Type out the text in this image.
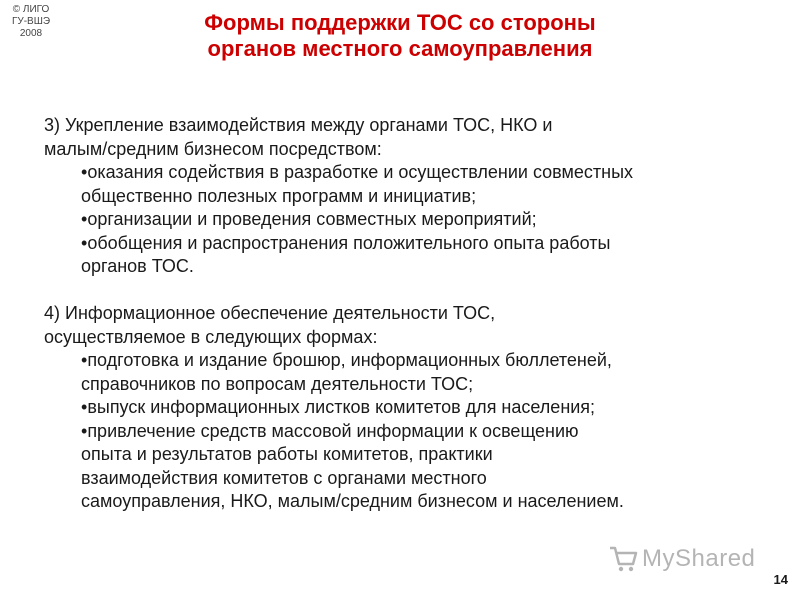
© ЛИГО
ГУ-ВШЭ
2008	Формы поддержки ТОС со стороны
органов местного самоуправления

3) Укрепление взаимодействия между органами ТОС, НКО и
малым/средним бизнесом посредством:

•оказания содействия в разработке и осуществлении совместных
общественно полезных программ и инициатив;
•организации и проведения совместных мероприятий;
•обобщения и распространения положительного опыта работы
органов ТОС.

4) Информационное обеспечение деятельности ТОС,
осуществляемое в следующих формах:

•подготовка и издание брошюр, информационных бюллетеней,
справочников по вопросам деятельности ТОС;
•выпуск информационных листков комитетов для населения;
•привлечение средств массовой информации к освещению
опыта и результатов работы комитетов, практики
взаимодействия комитетов с органами местного
самоуправления, НКО, малым/средним бизнесом и населением.
MyShared
14
